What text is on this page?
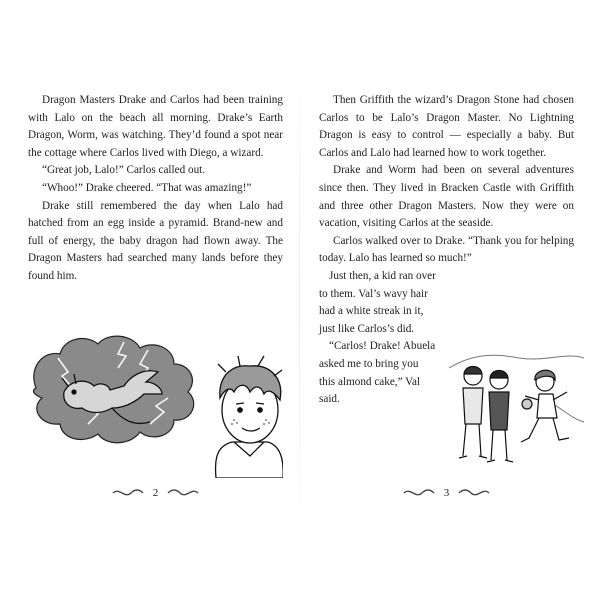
Dragon Masters Drake and Carlos had been training with Lalo on the beach all morning. Drake’s Earth Dragon, Worm, was watching. They’d found a spot near the cottage where Carlos lived with Diego, a wizard.

“Great job, Lalo!” Carlos called out.

“Whoo!” Drake cheered. “That was amazing!”

Drake still remembered the day when Lalo had hatched from an egg inside a pyramid. Brand-new and full of energy, the baby dragon had flown away. The Dragon Masters had searched many lands before they found him.

2

Then Griffith the wizard’s Dragon Stone had chosen Carlos to be Lalo’s Dragon Master. No Lightning Dragon is easy to control — especially a baby. But Carlos and Lalo had learned how to work together.

Drake and Worm had been on several adventures since then. They lived in Bracken Castle with Griffith and three other Dragon Masters. Now they were on vacation, visiting Carlos at the seaside.

Carlos walked over to Drake. “Thank you for helping today. Lalo has learned so much!”

Just then, a kid ran over to them. Val’s wavy hair had a white streak in it, just like Carlos’s did.

“Carlos! Drake! Abuela asked me to bring you this almond cake,” Val said.

3
